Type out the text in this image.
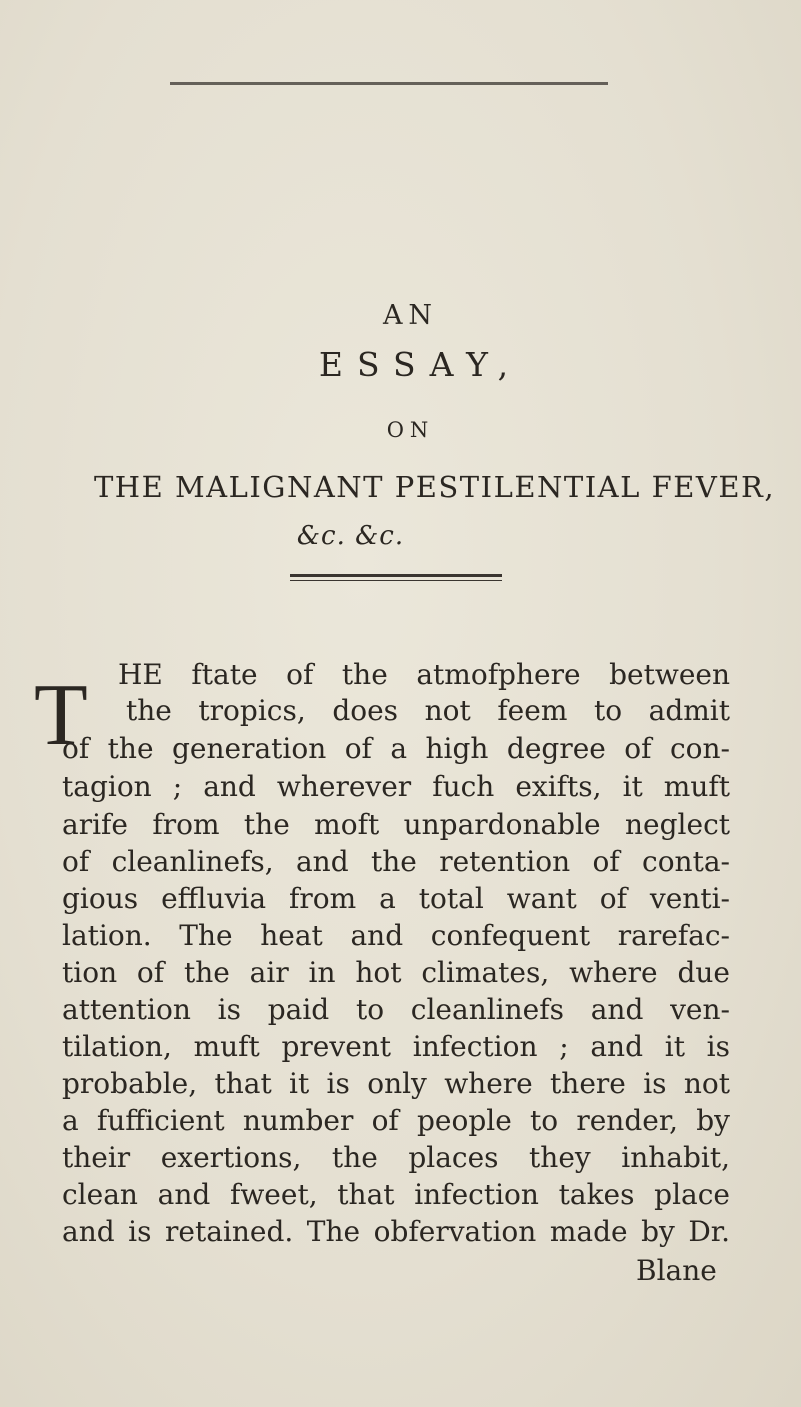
AN
ESSAY,
ON
THE MALIGNANT PESTILENTIAL FEVER,
&c. &c.
T HE ftate of the atmofphere between
the tropics, does not feem to admit
of the generation of a high degree of con-
tagion ; and wherever fuch exifts, it muft
arife from the moft unpardonable neglect
of cleanlinefs, and the retention of conta-
gious effluvia from a total want of venti-
lation. The heat and confequent rarefac-
tion of the air in hot climates, where due
attention is paid to cleanlinefs and ven-
tilation, muft prevent infection ; and it is
probable, that it is only where there is not
a fufficient number of people to render, by
their exertions, the places they inhabit,
clean and fweet, that infection takes place
and is retained. The obfervation made by Dr.
Blane
